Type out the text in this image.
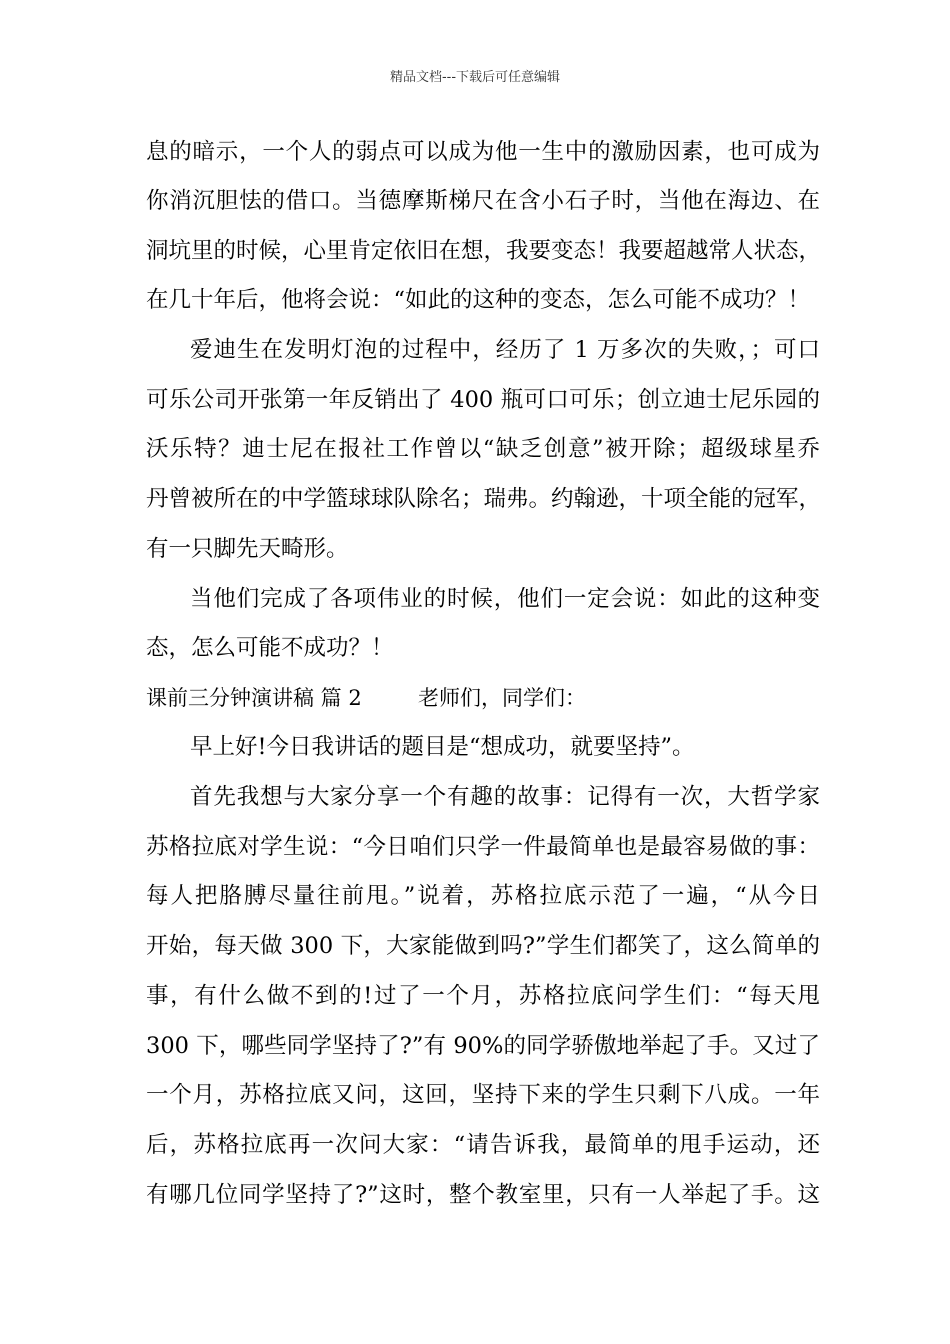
精品文档---下载后可任意编辑
息的暗示，一个人的弱点可以成为他一生中的激励因素，也可成为
你消沉胆怯的借口。当德摩斯梯尺在含小石子时，当他在海边、在
洞坑里的时候，心里肯定依旧在想，我要变态！我要超越常人状态，
在几十年后，他将会说：“如此的这种的变态，怎么可能不成功？！
爱迪生在发明灯泡的过程中，经历了 1 万多次的失败，；可口
可乐公司开张第一年反销出了 400 瓶可口可乐；创立迪士尼乐园的
沃乐特？迪士尼在报社工作曾以“缺乏创意”被开除；超级球星乔
丹曾被所在的中学篮球球队除名；瑞弗。约翰逊，十项全能的冠军，
有一只脚先天畸形。
当他们完成了各项伟业的时候，他们一定会说：如此的这种变
态，怎么可能不成功？！
课前三分钟演讲稿 篇 2	老师们，同学们：
早上好!今日我讲话的题目是“想成功，就要坚持”。
首先我想与大家分享一个有趣的故事：记得有一次，大哲学家
苏格拉底对学生说：“今日咱们只学一件最简单也是最容易做的事：
每人把胳膊尽量往前甩。”说着，苏格拉底示范了一遍，“从今日
开始，每天做 300 下，大家能做到吗?”学生们都笑了，这么简单的
事，有什么做不到的!过了一个月，苏格拉底问学生们：“每天甩
300 下，哪些同学坚持了?”有 90%的同学骄傲地举起了手。又过了
一个月，苏格拉底又问，这回，坚持下来的学生只剩下八成。一年
后，苏格拉底再一次问大家：“请告诉我，最简单的甩手运动，还
有哪几位同学坚持了?”这时，整个教室里，只有一人举起了手。这
